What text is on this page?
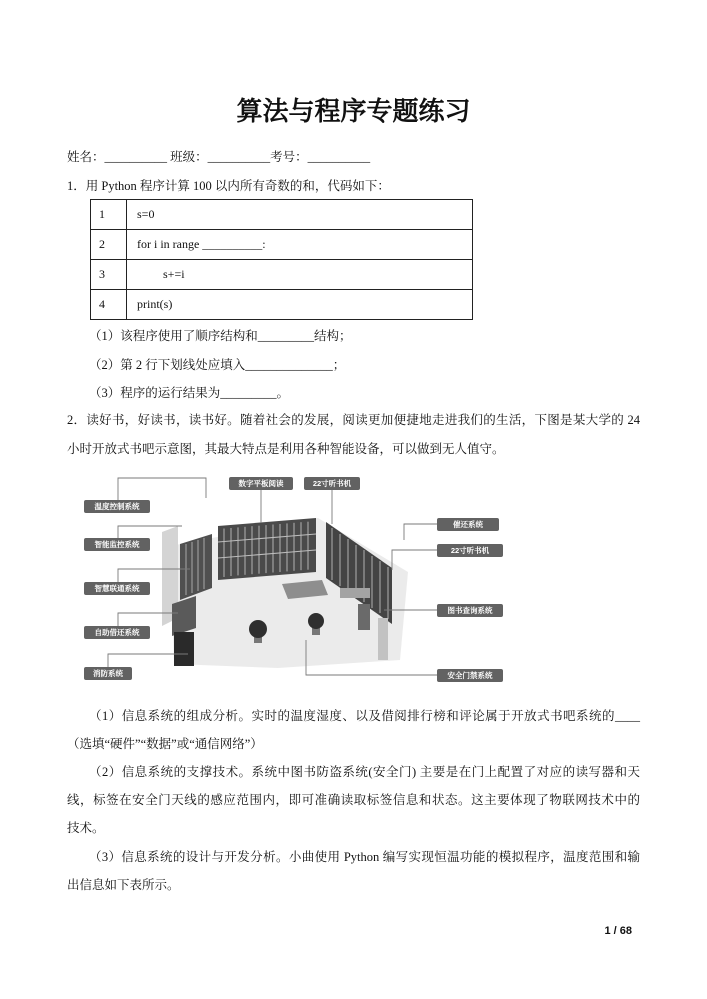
算法与程序专题练习
姓名：__________ 班级：__________考号：__________
1．用 Python 程序计算 100 以内所有奇数的和，代码如下：
1	s=0
2	for i in range __________:
3	s+=i
4	print(s)
（1）该程序使用了顺序结构和_________结构；
（2）第 2 行下划线处应填入______________；
（3）程序的运行结果为_________。
2．读好书，好读书，读书好。随着社会的发展，阅读更加便捷地走进我们的生活，下图是某大学的 24
小时开放式书吧示意图，其最大特点是利用各种智能设备，可以做到无人值守。
温度控制系统
智能监控系统
智慧联通系统
自助借还系统
消防系统
数字平板阅读	22寸听书机
催还系统
22寸听书机
图书查询系统
安全门禁系统
（1）信息系统的组成分析。实时的温度湿度、以及借阅排行榜和评论属于开放式书吧系统的____
（选填“硬件”“数据”或“通信网络”）
（2）信息系统的支撑技术。系统中图书防盗系统(安全门) 主要是在门上配置了对应的读写器和天
线，标签在安全门天线的感应范围内，即可准确读取标签信息和状态。这主要体现了物联网技术中的
技术。
（3）信息系统的设计与开发分析。小曲使用 Python 编写实现恒温功能的模拟程序，温度范围和输
出信息如下表所示。
1 / 68
